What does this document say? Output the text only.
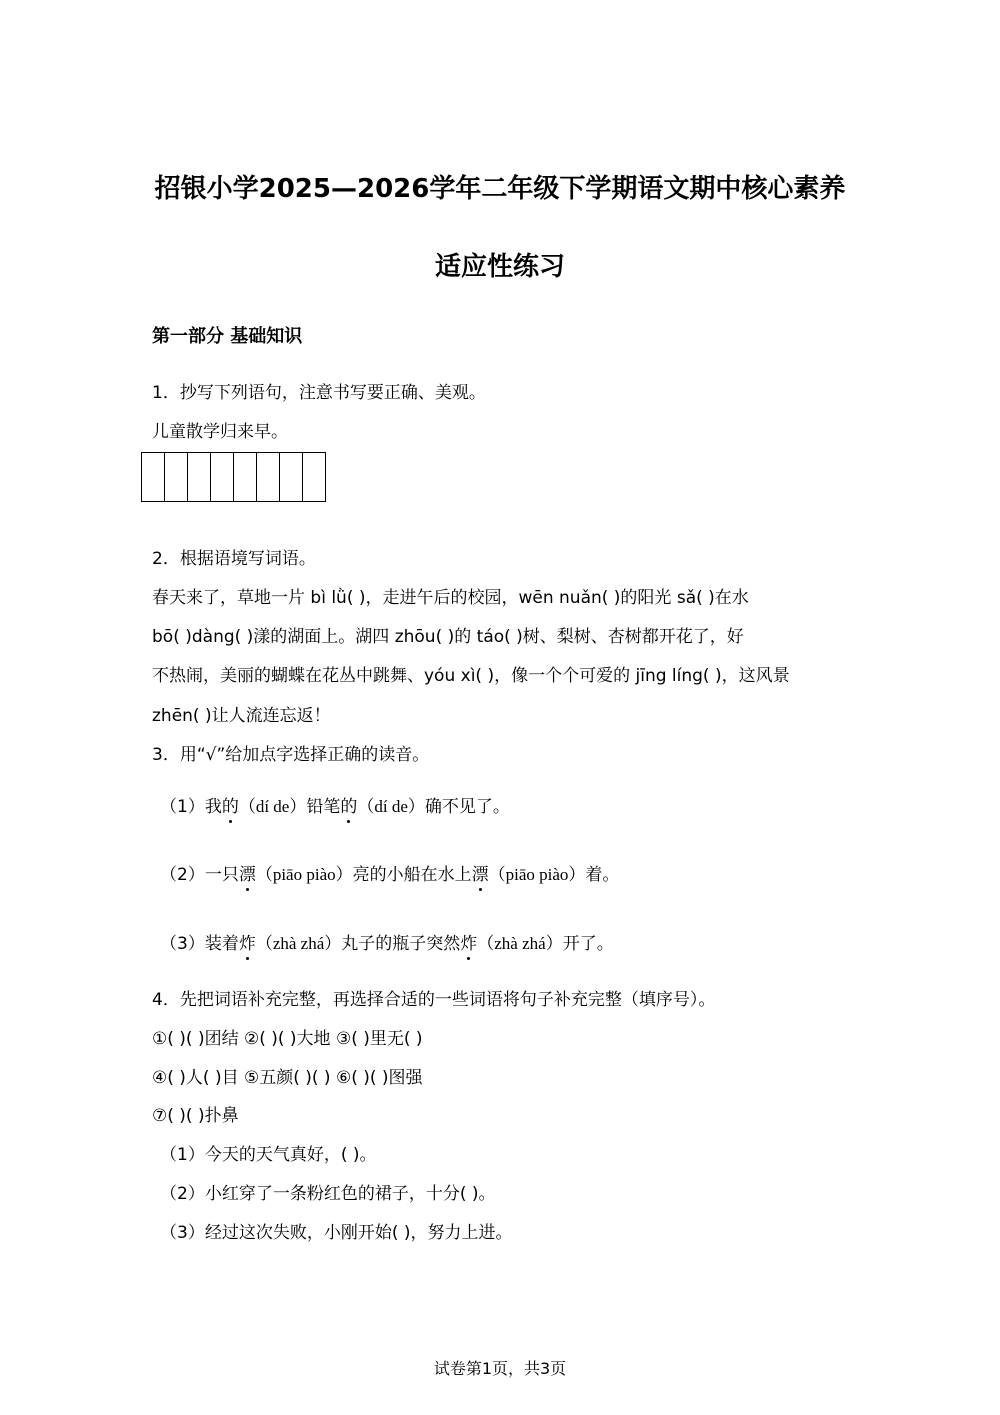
招银小学2025—2026学年二年级下学期语文期中核心素养
适应性练习
第一部分 基础知识
1．抄写下列语句，注意书写要正确、美观。
儿童散学归来早。
2．根据语境写词语。
春天来了，草地一片 bì lǜ( )，走进午后的校园，wēn nuǎn( )的阳光 sǎ( )在水
bō( )dàng( )漾的湖面上。湖四 zhōu( )的 táo( )树、梨树、杏树都开花了，好
不热闹，美丽的蝴蝶在花丛中跳舞、yóu xì( )，像一个个可爱的 jīng líng( )，这风景
zhēn( )让人流连忘返！
3．用“√”给加点字选择正确的读音。
（1）我的（dí de）铅笔的（dí de）确不见了。
（2）一只漂（piāo piào）亮的小船在水上漂（piāo piào）着。
（3）装着炸（zhà zhá）丸子的瓶子突然炸（zhà zhá）开了。
4．先把词语补充完整，再选择合适的一些词语将句子补充完整（填序号）。
①( )( )团结 ②( )( )大地 ③( )里无( )
④( )人( )目 ⑤五颜( )( ) ⑥( )( )图强
⑦( )( )扑鼻
（1）今天的天气真好，( )。
（2）小红穿了一条粉红色的裙子，十分( )。
（3）经过这次失败，小刚开始( )，努力上进。
试卷第1页，共3页
